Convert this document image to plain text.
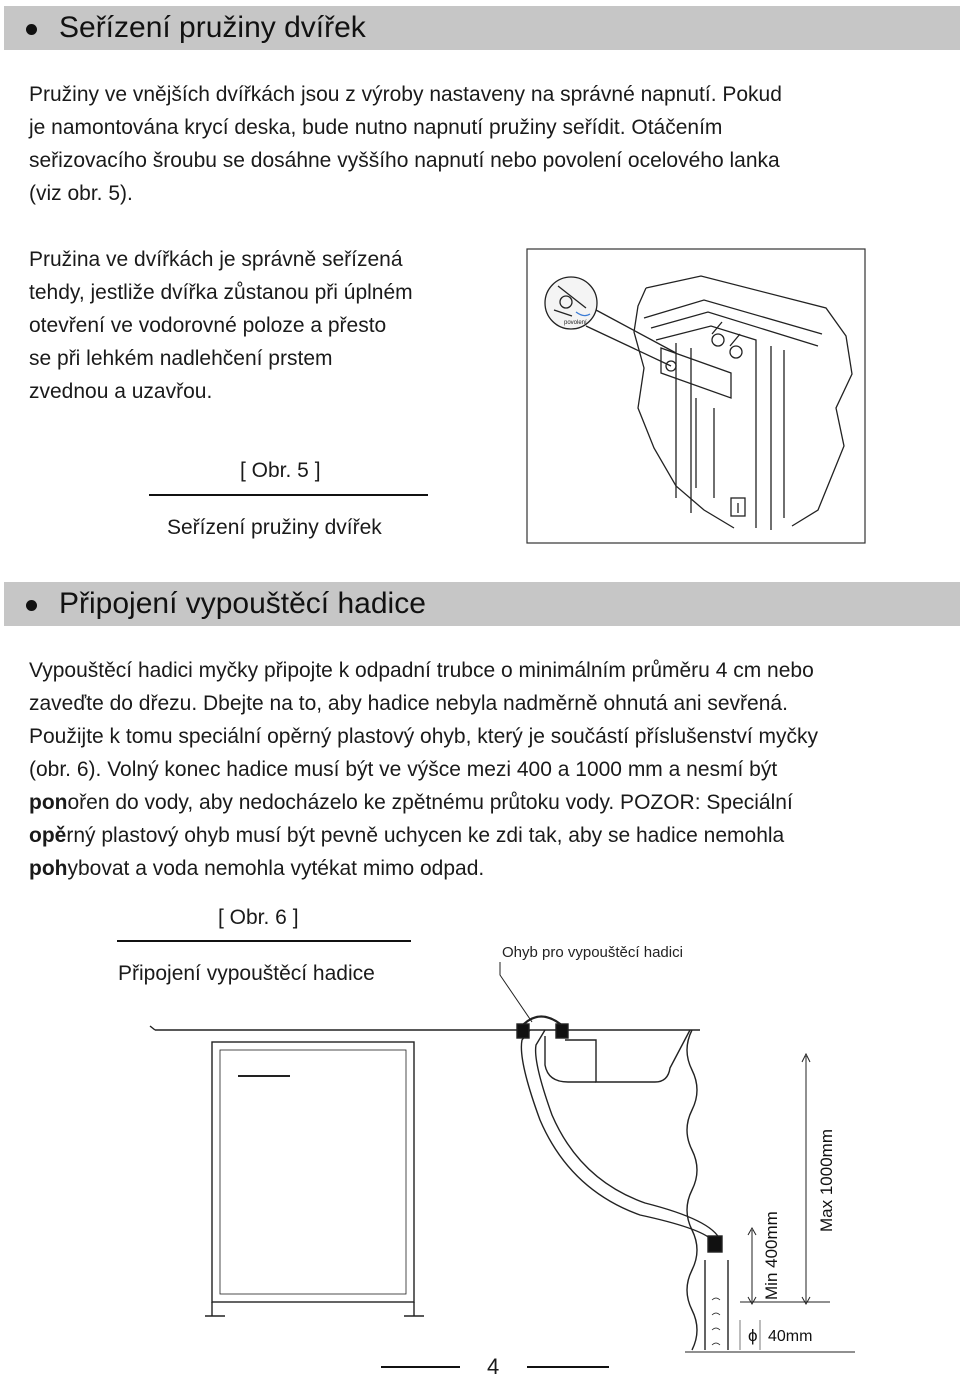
Seřízení pružiny dvířek

Pružiny ve vnějších dvířkách jsou z výroby nastaveny na správné napnutí. Pokud
je namontována krycí deska, bude nutno napnutí pružiny seřídit. Otáčením
seřizovacího šroubu se dosáhne vyššího napnutí nebo povolení ocelového lanka
(viz obr. 5).

Pružina ve dvířkách je správně seřízená
tehdy, jestliže dvířka zůstanou při úplném
otevření ve vodorovné poloze a přesto
se při lehkém nadlehčení prstem
zvednou a uzavřou.

[ Obr. 5 ]
Seřízení pružiny dvířek
povolení
Připojení vypouštěcí hadice

Vypouštěcí hadici myčky připojte k odpadní trubce o minimálním průměru 4 cm nebo
zaveďte do dřezu. Dbejte na to, aby hadice nebyla nadměrně ohnutá ani sevřená.
Použijte k tomu speciální opěrný plastový ohyb, který je součástí příslušenství myčky
(obr. 6). Volný konec hadice musí být ve výšce mezi 400 a 1000 mm a nesmí být
ponořen do vody, aby nedocházelo ke zpětnému průtoku vody. POZOR: Speciální
opěrný plastový ohyb musí být pevně uchycen ke zdi tak, aby se hadice nemohla
pohybovat a voda nemohla vytékat mimo odpad.

[ Obr. 6 ]
Připojení vypouštěcí hadice
Ohyb pro vypouštěcí hadici
Min 400mm
Max 1000mm
ϕ 40mm
4
